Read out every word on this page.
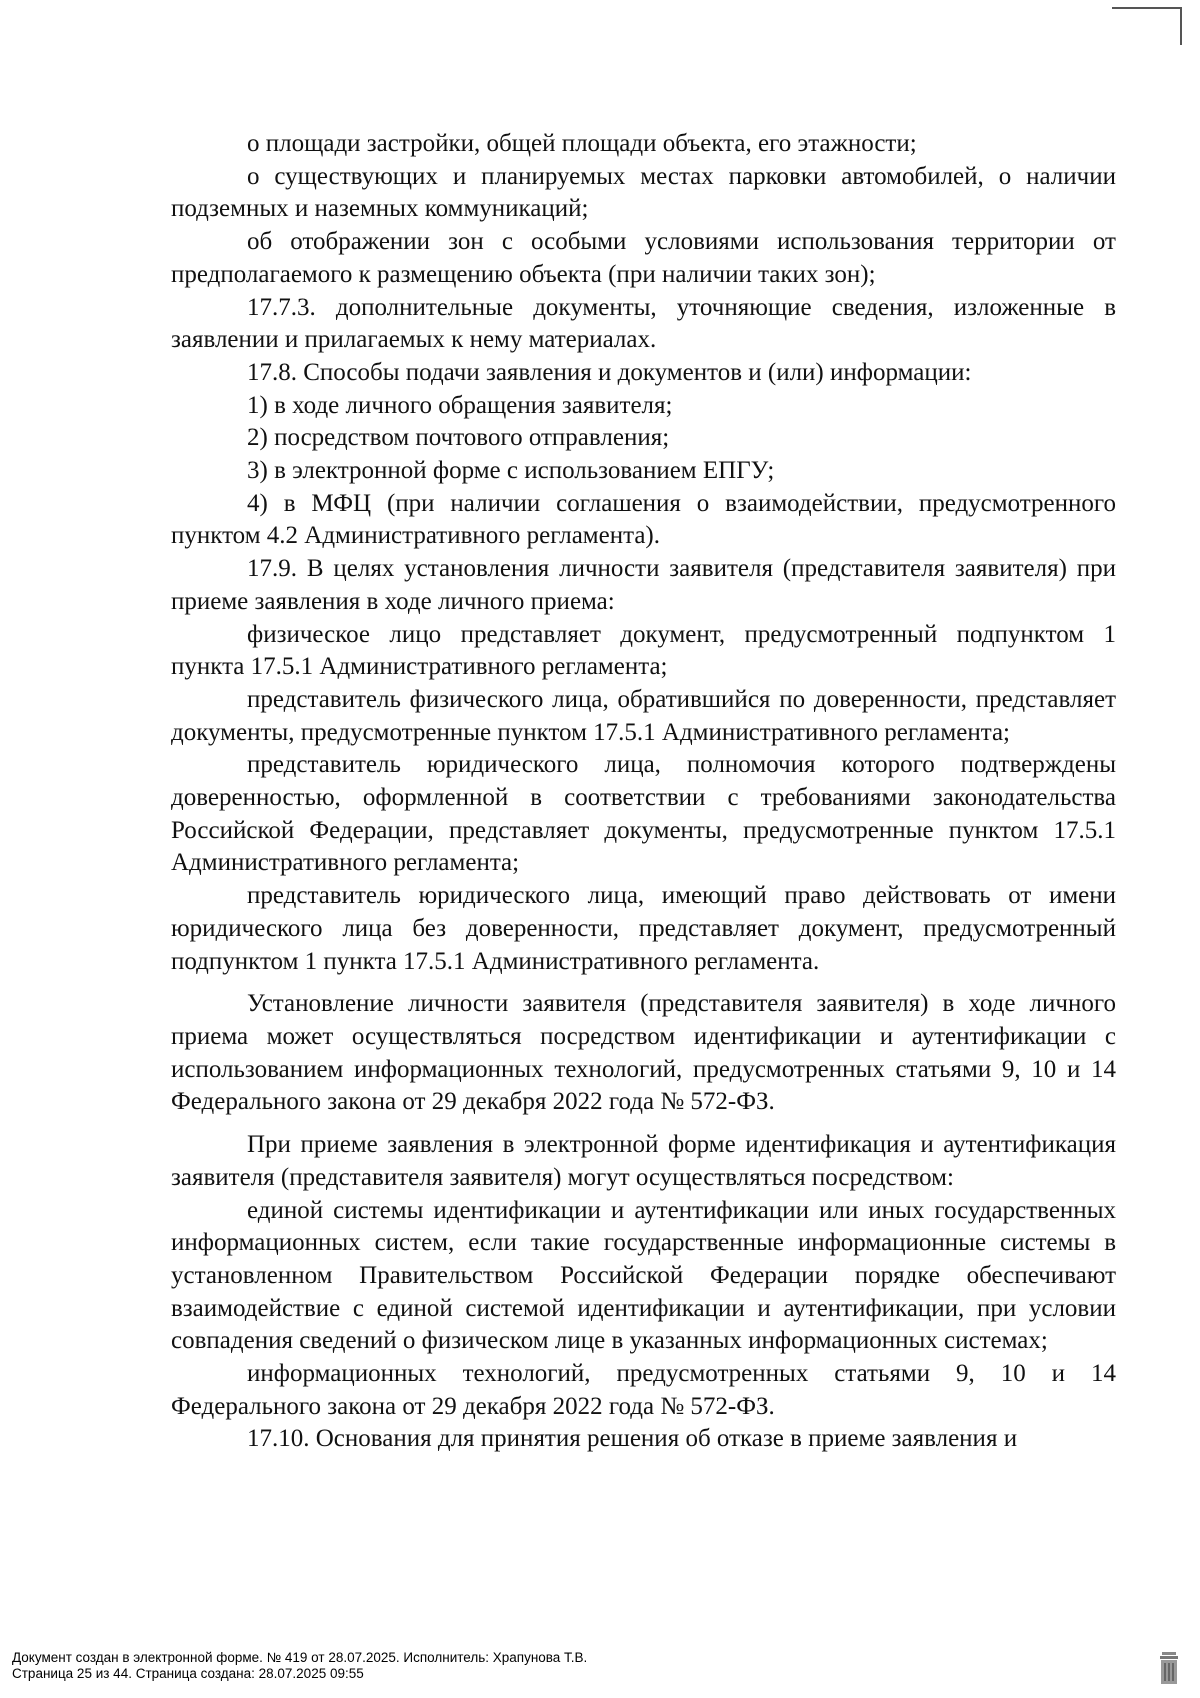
о площади застройки, общей площади объекта, его этажности;

о существующих и планируемых местах парковки автомобилей, о наличии подземных и наземных коммуникаций;

об отображении зон с особыми условиями использования территории от предполагаемого к размещению объекта (при наличии таких зон);

17.7.3. дополнительные документы, уточняющие сведения, изложенные в заявлении и прилагаемых к нему материалах.

17.8. Способы подачи заявления и документов и (или) информации:

1) в ходе личного обращения заявителя;

2) посредством почтового отправления;

3) в электронной форме с использованием ЕПГУ;

4) в МФЦ (при наличии соглашения о взаимодействии, предусмотренного пунктом 4.2 Административного регламента).

17.9. В целях установления личности заявителя (представителя заявителя) при приеме заявления в ходе личного приема:

физическое лицо представляет документ, предусмотренный подпунктом 1 пункта 17.5.1 Административного регламента;

представитель физического лица, обратившийся по доверенности, представляет документы, предусмотренные пунктом 17.5.1 Административного регламента;

представитель юридического лица, полномочия которого подтверждены доверенностью, оформленной в соответствии с требованиями законодательства Российской Федерации, представляет документы, предусмотренные пунктом 17.5.1 Административного регламента;

представитель юридического лица, имеющий право действовать от имени юридического лица без доверенности, представляет документ, предусмотренный подпунктом 1 пункта 17.5.1 Административного регламента.

Установление личности заявителя (представителя заявителя) в ходе личного приема может осуществляться посредством идентификации и аутентификации с использованием информационных технологий, предусмотренных статьями 9, 10 и 14 Федерального закона от 29 декабря 2022 года № 572-ФЗ.

При приеме заявления в электронной форме идентификация и аутентификация заявителя (представителя заявителя) могут осуществляться посредством:

единой системы идентификации и аутентификации или иных государственных информационных систем, если такие государственные информационные системы в установленном Правительством Российской Федерации порядке обеспечивают взаимодействие с единой системой идентификации и аутентификации, при условии совпадения сведений о физическом лице в указанных информационных системах;

информационных технологий, предусмотренных статьями 9, 10 и 14 Федерального закона от 29 декабря 2022 года № 572-ФЗ.

17.10. Основания для принятия решения об отказе в приеме заявления и

Документ создан в электронной форме. № 419 от 28.07.2025. Исполнитель: Храпунова Т.В.
Страница 25 из 44. Страница создана: 28.07.2025 09:55
